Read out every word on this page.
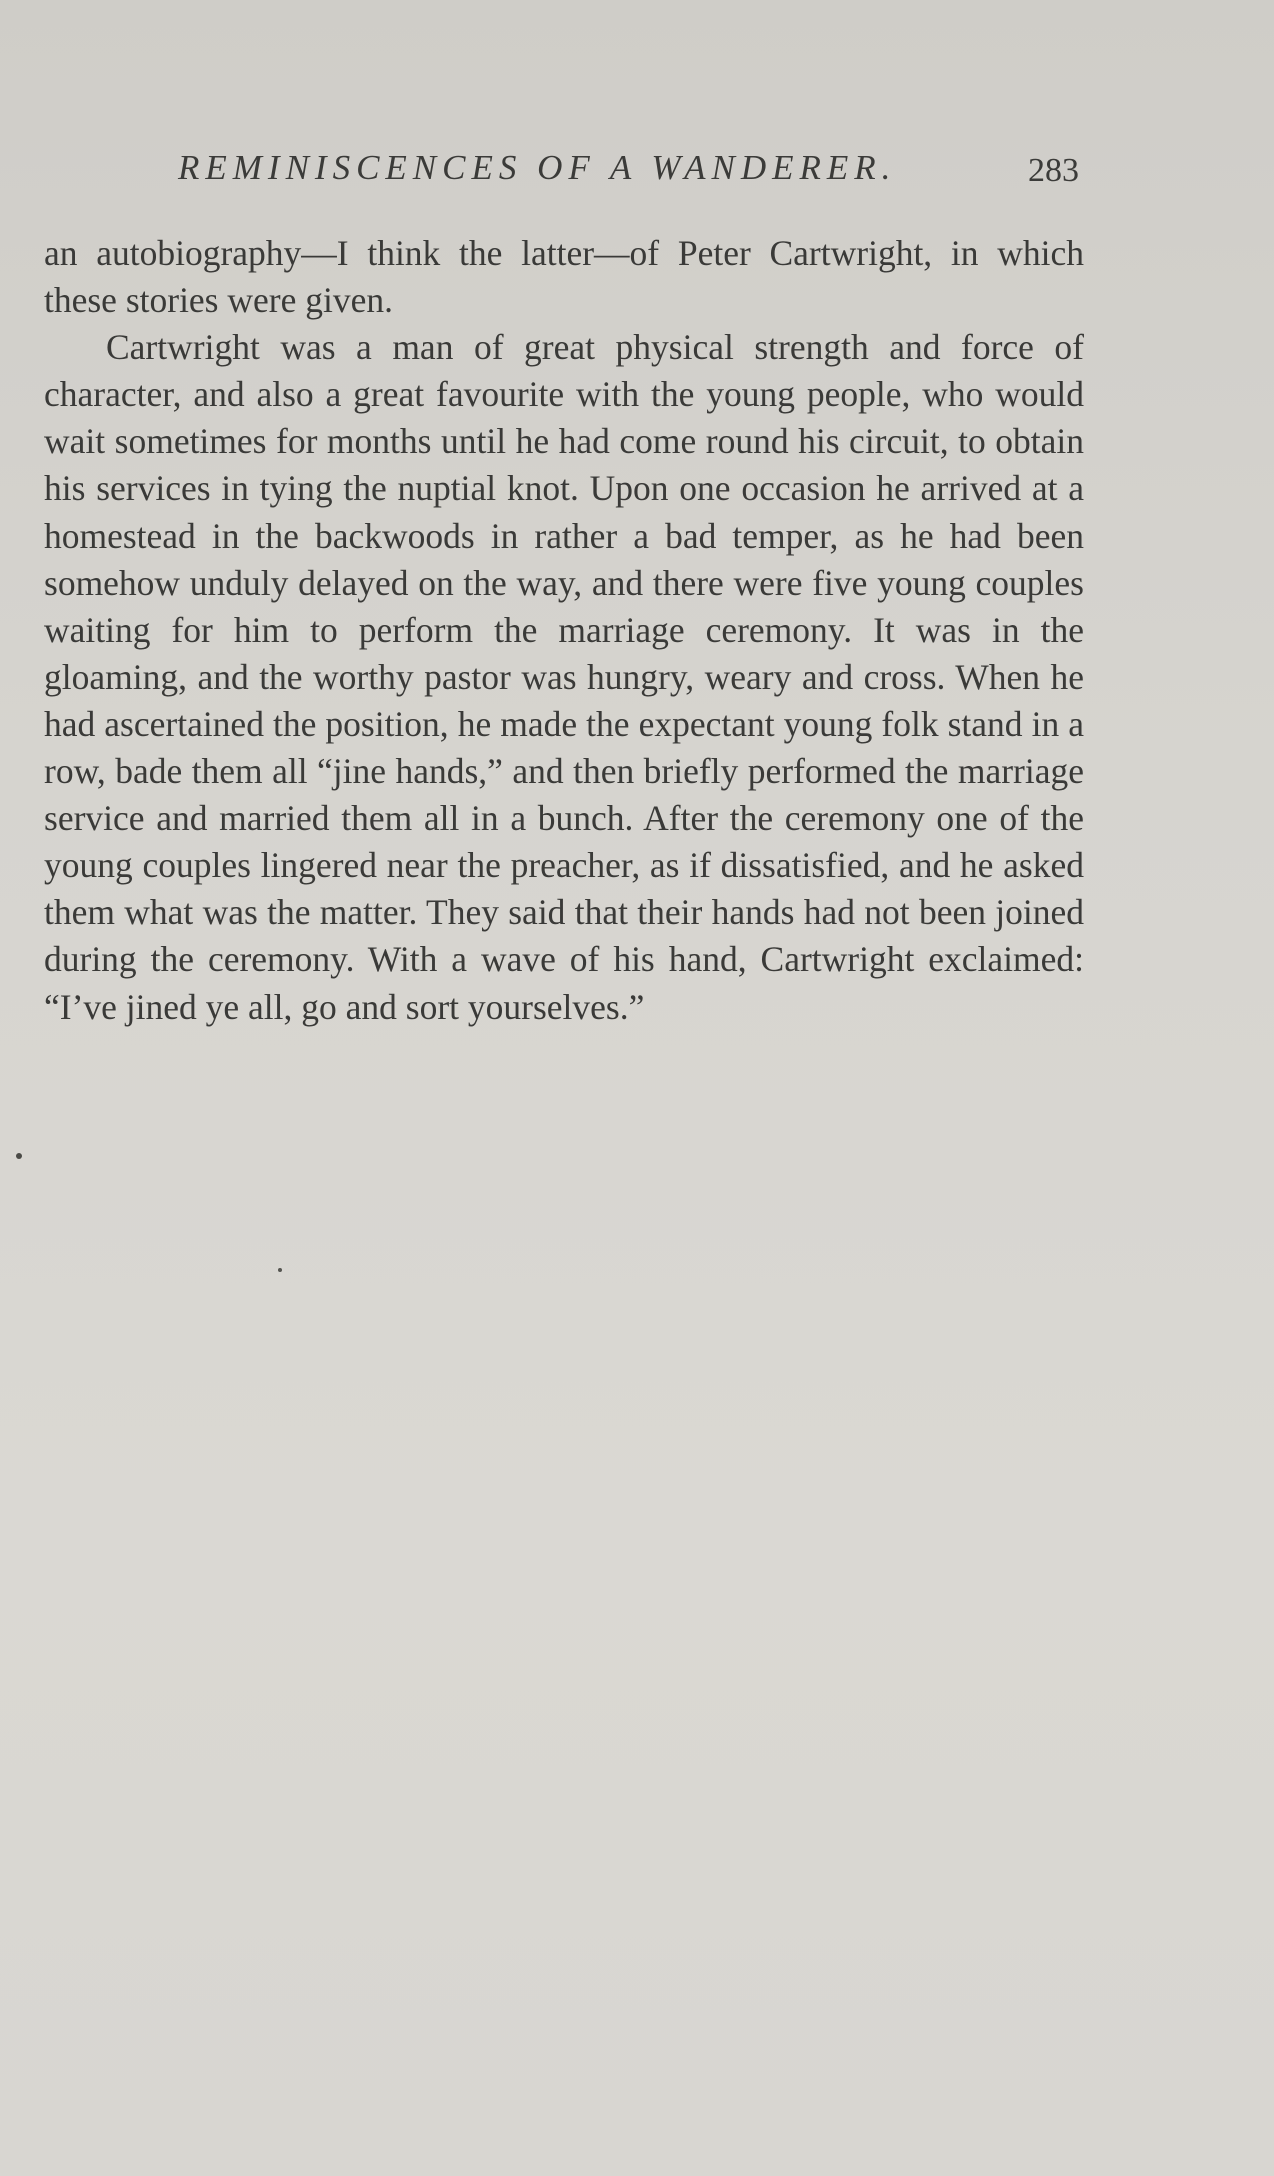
REMINISCENCES OF A WANDERER.	283

an autobiography—I think the latter—of Peter Cartwright, in which these stories were given.

Cartwright was a man of great physical strength and force of character, and also a great favourite with the young people, who would wait sometimes for months until he had come round his circuit, to obtain his services in tying the nuptial knot. Upon one occasion he arrived at a homestead in the backwoods in rather a bad temper, as he had been somehow unduly delayed on the way, and there were five young couples waiting for him to perform the marriage ceremony. It was in the gloaming, and the worthy pastor was hungry, weary and cross. When he had ascertained the position, he made the expectant young folk stand in a row, bade them all “jine hands,” and then briefly performed the marriage service and married them all in a bunch. After the ceremony one of the young couples lingered near the preacher, as if dissatisfied, and he asked them what was the matter. They said that their hands had not been joined during the ceremony. With a wave of his hand, Cartwright exclaimed: “I’ve jined ye all, go and sort yourselves.”
